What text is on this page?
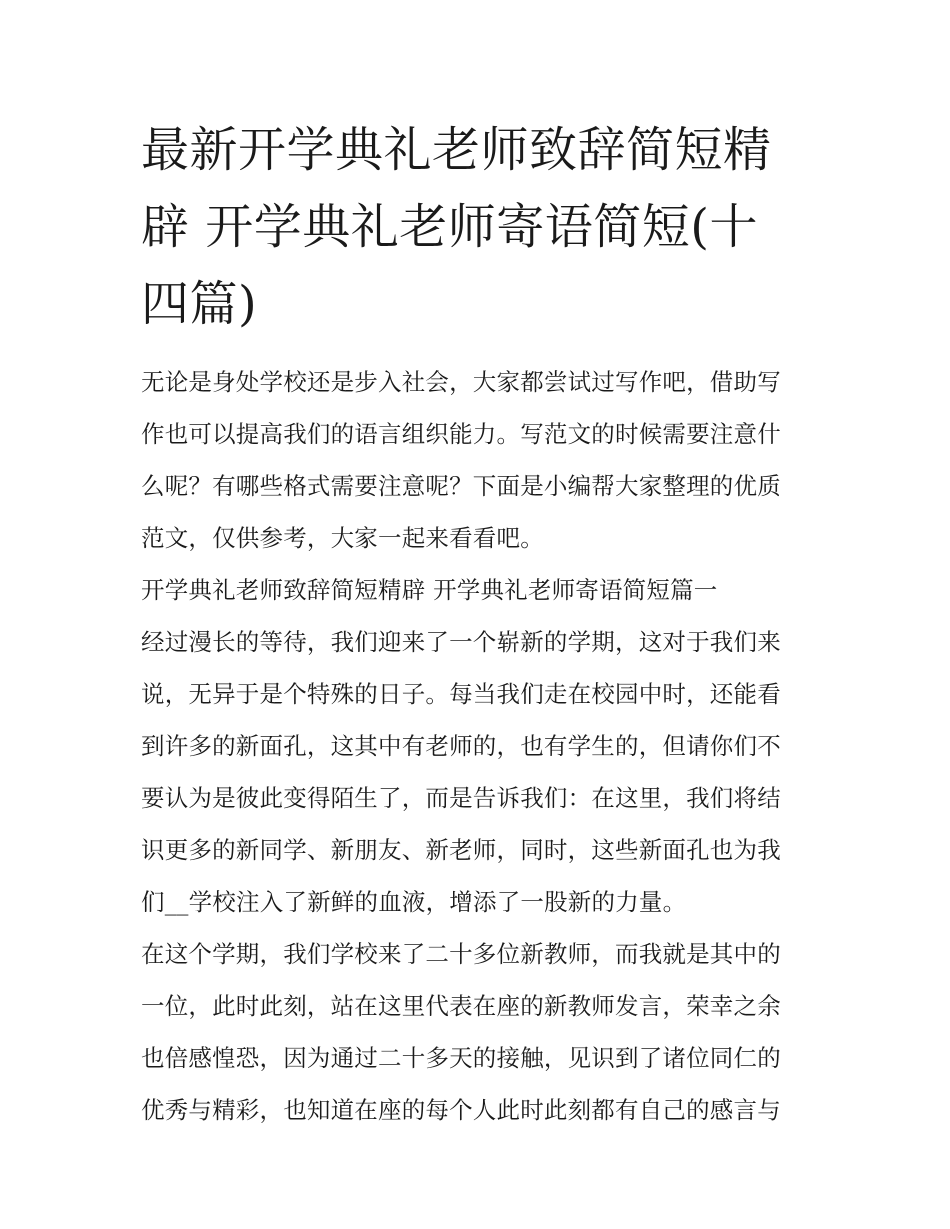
最新开学典礼老师致辞简短精
辟 开学典礼老师寄语简短(十
四篇)
无论是身处学校还是步入社会，大家都尝试过写作吧，借助写
作也可以提高我们的语言组织能力。写范文的时候需要注意什
么呢？有哪些格式需要注意呢？下面是小编帮大家整理的优质
范文，仅供参考，大家一起来看看吧。
开学典礼老师致辞简短精辟 开学典礼老师寄语简短篇一
经过漫长的等待，我们迎来了一个崭新的学期，这对于我们来
说，无异于是个特殊的日子。每当我们走在校园中时，还能看
到许多的新面孔，这其中有老师的，也有学生的，但请你们不
要认为是彼此变得陌生了，而是告诉我们：在这里，我们将结
识更多的新同学、新朋友、新老师，同时，这些新面孔也为我
们__学校注入了新鲜的血液，增添了一股新的力量。
在这个学期，我们学校来了二十多位新教师，而我就是其中的
一位，此时此刻，站在这里代表在座的新教师发言，荣幸之余
也倍感惶恐，因为通过二十多天的接触，见识到了诸位同仁的
优秀与精彩，也知道在座的每个人此时此刻都有自己的感言与
